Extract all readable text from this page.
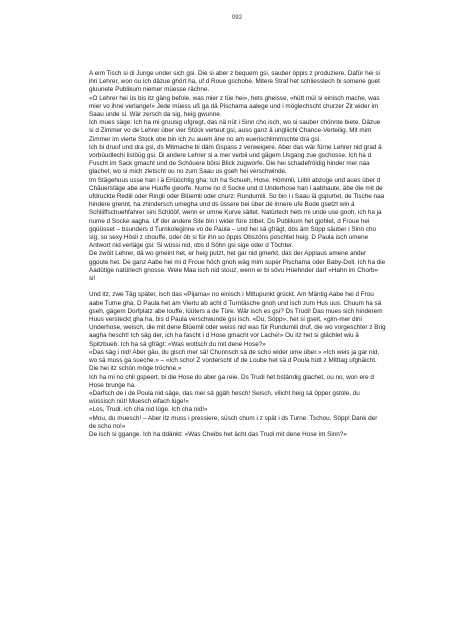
092

A eim Tisch si di Junge under sich gsi. Die si aber z bequem gsi, sauber öppis z produziere. Dafür hei si ihri Lehrer, won ou ich dâzue ghört ha, uf d Roue gschobe. Mitere Straf het schliesslech bi somene guet gluunete Publikum niemer müesse rächne.

«O Lehrer hei üs bis itz gäng befole, was mier z tüe hei», hets gheisse, «hütt müi si einisch mache, was mier vo ihne verlange!» Jede müess uß ga dä Pischama aalege und i möglechscht churzer Zit wider im Saau unde si. Wär zersch da sig, heig gwunne.

Ich mues säge: Ich ha mi gruusig ufgregt, das nä nüt i Sinn cho isch, wo si sauber chönnte biete. Dâzue si d Zimmer vo de Lehrer über vier Stöck verteut gsi, auso ganz â ungliichi Chance-Verteilig. Mit mim Zimmer im vierte Stock obe bin ich zu auem äne no am euerischlimmschte dra gsi.

Ich bi druuf und dra gsi, ds Mitmache bi däm Gspass z verweigere. Aber das wär fürne Lehrer nid grad ä vorbüudlechi listöüg gsi. Di andere Lehrer si a mer verbii und gägem Usgang zue gschosse. Ich ha d Fuscht im Sack gmacht und de Schöuere böisi Blick zugworfe. Die hei schadefröidig hinder mer naa glachet, wo si mich zletscht ou no zum Saau us gseh hei verschwinde.

Im Stägehuus usse han i ä Erlüüchtig gha: Ich ha Schueh, Hose, Hömmli, Liibli abzoge und aues über d Chäuerstäge abe ane Huuffe gworfe. Nume no d Socke und d Underhose han i aabhaute, äbe die mit de ufdruckte Rediil oder Ringli oder Blüemli oder churz: Rundumili. So bin i i Saau iä gspurtet, de Tische naa hindere grennt, ha zhindersch umegha und ds üssere bei über dè innere ufe Bode gsetzt win ä Schliiffschuehfahrer sini Schlööf, wenn er umne Kurve sältet. Natürlech hets mi unde use gnoh, ich ha ja nume d Socke aagha. Uf der andere Site bin i wider füre zilbet. Ds Publikum het gjohlet, d Froue hei gqüüsset – bsunders d Turnkoleginne vo de Paula – und hei sä gfrägt, öbs äm Söpp säuber i Sinn cho sig, so sexy Hösli z chouffe, oder öb si für ihn so öppis Obszöns poschtet heig. D Paula isch umene Antwort nid verläge gsi: Si wüssi nid, obs d Söhn gsi sige oder d Töchter.

De zwöit Lehrer, dä wo gmeint het, er heig putzt, het gar nid gmerkt, das der Applaus amene ander ggoute het. De ganz Aabe hei mi d Froue höch gnoh wäg mim super Pischama oder Baby-Doll. Ich ha die Aadütige natürlech gnosse. Wele Maa isch nid stouz, wenn er bi sövu Hüehnder darf «Hahn im Chorb» si!

Und itz, zwe Täg später, isch das «Pijama» no einisch i Mittupunkt grückt. Am Mäntig Aabe hei d Frou aabe Turne gha. D Paula het am Viertu ab acht d Turntäsche gnoh und isch zum Hus uus. Chuum ha sä gseh, gägem Dorfplatz abe louffe, lüüters a de Türe. Wär isch es gsi? Ds Trudi! Das mues sich hinderem Huus versteckt gha ha, bis d Paula verschwunde gsi isch. «Du, Söpp», het si gseit, «gim-mer dini Underhose, weisch, die mit dene Blüemli oder weiss nid was für Rundumili druf, die wo vorgeschter z Brig aagha hescht! Ich säg der, ich ha fascht i d Hose gmacht vor Lache!» Ou itz het si glächlet wiu ä Spitzbueb. Ich ha sä gfrägt: «Was wottsch du mit dene Hose?»

«Das säg i nid! Aber gäu, du gisch mer sä! Chunnsch sä de scho wider ume über.» «Ich weis ja gar nid, wo sä muss ga sueche.» – «Ich scho! Z vorderscht uf de Loube het sä d Poula hütt z Mitttag ufghäicht. Die hei itz schön möge tröchne.»

Ich ha mi no chli gspeert, bi die Hose do aber ga reie. Ds Trudi het bständig glachet, ou no, won ere d Hose brunge ha.

«Darfsch de i de Poula nid säge, das mer sä ggäh hesch! Seisch, vilicht heig sä öpper gstole, du wüssisch nüt! Muesch eifach lüge!»

«Los, Trudi, ich cha nid lüge. Ich cha nid!»

«Mou, du muesch! – Aber itz muss i pressiere, süsch chum i z spät i ds Turne. Tschou, Söpp! Dank der de scho no!»

De isch si ggange. Ich ha ddänkt: «Was Cheibs het ächt das Trudi mit dene Hose im Sinn?»
